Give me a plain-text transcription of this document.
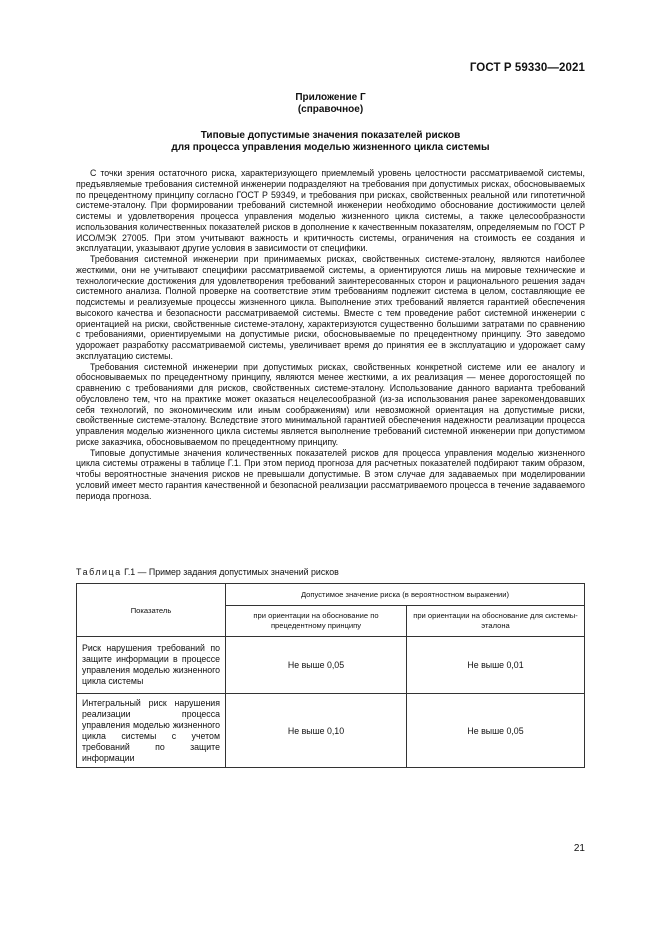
ГОСТ Р 59330—2021
Приложение Г
(справочное)
Типовые допустимые значения показателей рисков
для процесса управления моделью жизненного цикла системы

С точки зрения остаточного риска, характеризующего приемлемый уровень целостности рассматриваемой системы, предъявляемые требования системной инженерии подразделяют на требования при допустимых рисках, обосновываемых по прецедентному принципу согласно ГОСТ Р 59349, и требования при рисках, свойственных реальной или гипотетичной системе-эталону. При формировании требований системной инженерии необходимо обоснование достижимости целей системы и удовлетворения процесса управления моделью жизненного цикла системы, а также целесообразности использования количественных показателей рисков в дополнение к качественным показателям, определяемым по ГОСТ Р ИСО/МЭК 27005. При этом учитывают важность и критичность системы, ограничения на стоимость ее создания и эксплуатации, указывают другие условия в зависимости от специфики.

Требования системной инженерии при принимаемых рисках, свойственных системе-эталону, являются наиболее жесткими, они не учитывают специфики рассматриваемой системы, а ориентируются лишь на мировые технические и технологические достижения для удовлетворения требований заинтересованных сторон и рационального решения задач системного анализа. Полной проверке на соответствие этим требованиям подлежит система в целом, составляющие ее подсистемы и реализуемые процессы жизненного цикла. Выполнение этих требований является гарантией обеспечения высокого качества и безопасности рассматриваемой системы. Вместе с тем проведение работ системной инженерии с ориентацией на риски, свойственные системе-эталону, характеризуются существенно большими затратами по сравнению с требованиями, ориентируемыми на допустимые риски, обосновываемые по прецедентному принципу. Это заведомо удорожает разработку рассматриваемой системы, увеличивает время до принятия ее в эксплуатацию и удорожает саму эксплуатацию системы.

Требования системной инженерии при допустимых рисках, свойственных конкретной системе или ее аналогу и обосновываемых по прецедентному принципу, являются менее жесткими, а их реализация — менее дорогостоящей по сравнению с требованиями для рисков, свойственных системе-эталону. Использование данного варианта требований обусловлено тем, что на практике может оказаться нецелесообразной (из-за использования ранее зарекомендовавших себя технологий, по экономическим или иным соображениям) или невозможной ориентация на допустимые риски, свойственные системе-эталону. Вследствие этого минимальной гарантией обеспечения надежности реализации процесса управления моделью жизненного цикла системы является выполнение требований системной инженерии при допустимом риске заказчика, обосновываемом по прецедентному принципу.

Типовые допустимые значения количественных показателей рисков для процесса управления моделью жизненного цикла системы отражены в таблице Г.1. При этом период прогноза для расчетных показателей подбирают таким образом, чтобы вероятностные значения рисков не превышали допустимые. В этом случае для задаваемых при моделировании условий имеет место гарантия качественной и безопасной реализации рассматриваемого процесса в течение задаваемого периода прогноза.

Таблица Г.1 — Пример задания допустимых значений рисков
Показатель	Допустимое значение риска (в вероятностном выражении)	
	при ориентации на обоснование по прецедентному принципу	при ориентации на обоснование для системы-эталона
Риск нарушения требований по защите информации в процессе управления моделью жизненного цикла системы	Не выше 0,05	Не выше 0,01
Интегральный риск нарушения реализации процесса управления моделью жизненного цикла системы с учетом требований по защите информации	Не выше 0,10	Не выше 0,05
21
